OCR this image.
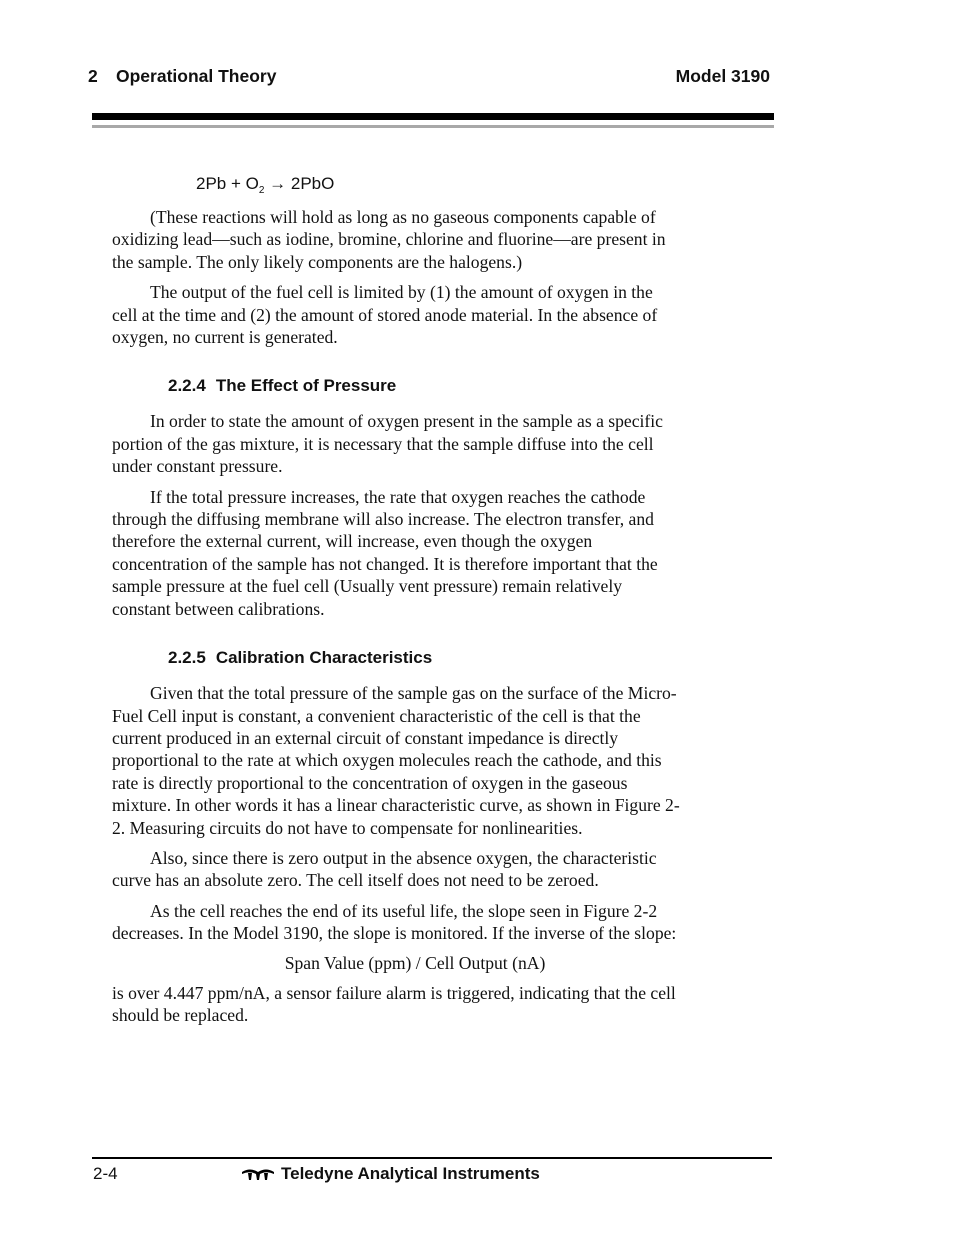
2 Operational Theory	Model 3190
$2Pb + O_2 \to 2PbO$

(These reactions will hold as long as no gaseous components capable of oxidizing lead—such as iodine, bromine, chlorine and fluorine—are present in the sample. The only likely components are the halogens.)

The output of the fuel cell is limited by (1) the amount of oxygen in the cell at the time and (2) the amount of stored anode material. In the absence of oxygen, no current is generated.

2.2.4 The Effect of Pressure

In order to state the amount of oxygen present in the sample as a specific portion of the gas mixture, it is necessary that the sample diffuse into the cell under constant pressure.

If the total pressure increases, the rate that oxygen reaches the cathode through the diffusing membrane will also increase. The electron transfer, and therefore the external current, will increase, even though the oxygen concentration of the sample has not changed. It is therefore important that the sample pressure at the fuel cell (Usually vent pressure) remain relatively constant between calibrations.

2.2.5 Calibration Characteristics

Given that the total pressure of the sample gas on the surface of the Micro-Fuel Cell input is constant, a convenient characteristic of the cell is that the current produced in an external circuit of constant impedance is directly proportional to the rate at which oxygen molecules reach the cathode, and this rate is directly proportional to the concentration of oxygen in the gaseous mixture. In other words it has a linear characteristic curve, as shown in Figure 2-2. Measuring circuits do not have to compensate for nonlinearities.

Also, since there is zero output in the absence oxygen, the characteristic curve has an absolute zero. The cell itself does not need to be zeroed.

As the cell reaches the end of its useful life, the slope seen in Figure 2-2 decreases. In the Model 3190, the slope is monitored. If the inverse of the slope:

Span Value (ppm) / Cell Output (nA)

is over 4.447 ppm/nA, a sensor failure alarm is triggered, indicating that the cell should be replaced.

2-4	Teledyne Analytical Instruments
